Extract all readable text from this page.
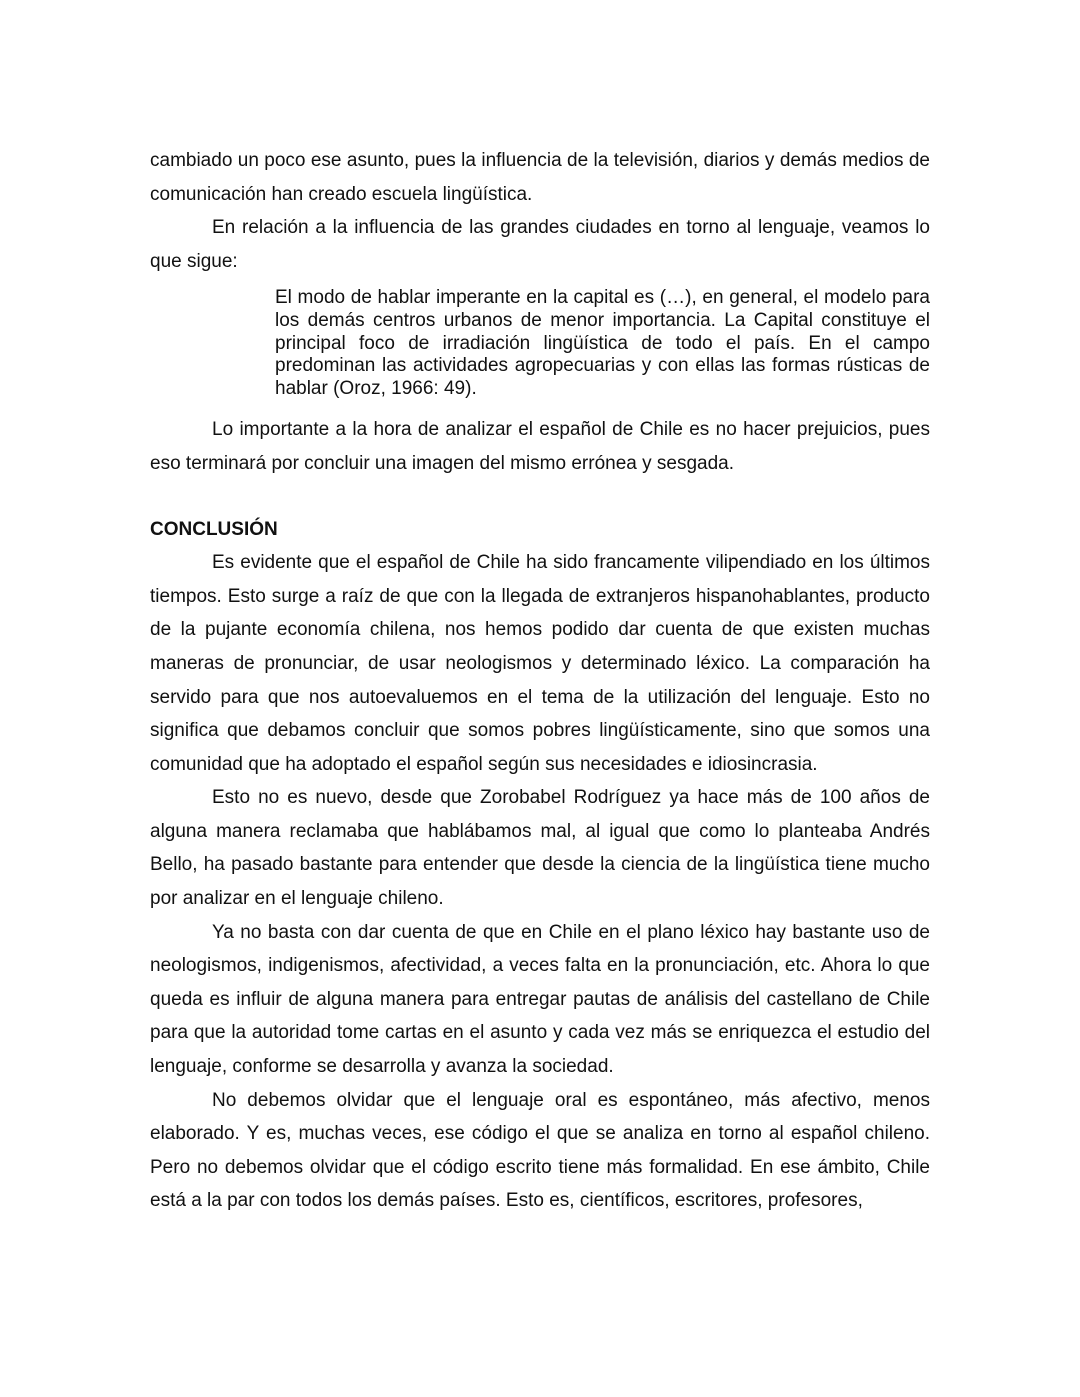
cambiado un poco ese asunto, pues la influencia de la televisión, diarios y demás medios de comunicación han creado escuela lingüística.

En relación a la influencia de las grandes ciudades en torno al lenguaje, veamos lo que sigue:

El modo de hablar imperante en la capital es (…), en general, el modelo para los demás centros urbanos de menor importancia. La Capital constituye el principal foco de irradiación lingüística de todo el país. En el campo predominan las actividades agropecuarias y con ellas las formas rústicas de hablar (Oroz, 1966: 49).

Lo importante a la hora de analizar el español de Chile es no hacer prejuicios, pues eso terminará por concluir una imagen del mismo errónea y sesgada.

CONCLUSIÓN

Es evidente que el español de Chile ha sido francamente vilipendiado en los últimos tiempos. Esto surge a raíz de que con la llegada de extranjeros hispanohablantes, producto de la pujante economía chilena, nos hemos podido dar cuenta de que existen muchas maneras de pronunciar, de usar neologismos y determinado léxico. La comparación ha servido para que nos autoevaluemos en el tema de la utilización del lenguaje. Esto no significa que debamos concluir que somos pobres lingüísticamente, sino que somos una comunidad que ha adoptado el español según sus necesidades e idiosincrasia.

Esto no es nuevo, desde que Zorobabel Rodríguez ya hace más de 100 años de alguna manera reclamaba que hablábamos mal, al igual que como lo planteaba Andrés Bello, ha pasado bastante para entender que desde la ciencia de la lingüística tiene mucho por analizar en el lenguaje chileno.

Ya no basta con dar cuenta de que en Chile en el plano léxico hay bastante uso de neologismos, indigenismos, afectividad, a veces falta en la pronunciación, etc. Ahora lo que queda es influir de alguna manera para entregar pautas de análisis del castellano de Chile para que la autoridad tome cartas en el asunto y cada vez más se enriquezca el estudio del lenguaje, conforme se desarrolla y avanza la sociedad.

No debemos olvidar que el lenguaje oral es espontáneo, más afectivo, menos elaborado. Y es, muchas veces, ese código el que se analiza en torno al español chileno. Pero no debemos olvidar que el código escrito tiene más formalidad. En ese ámbito, Chile está a la par con todos los demás países. Esto es, científicos, escritores, profesores,
